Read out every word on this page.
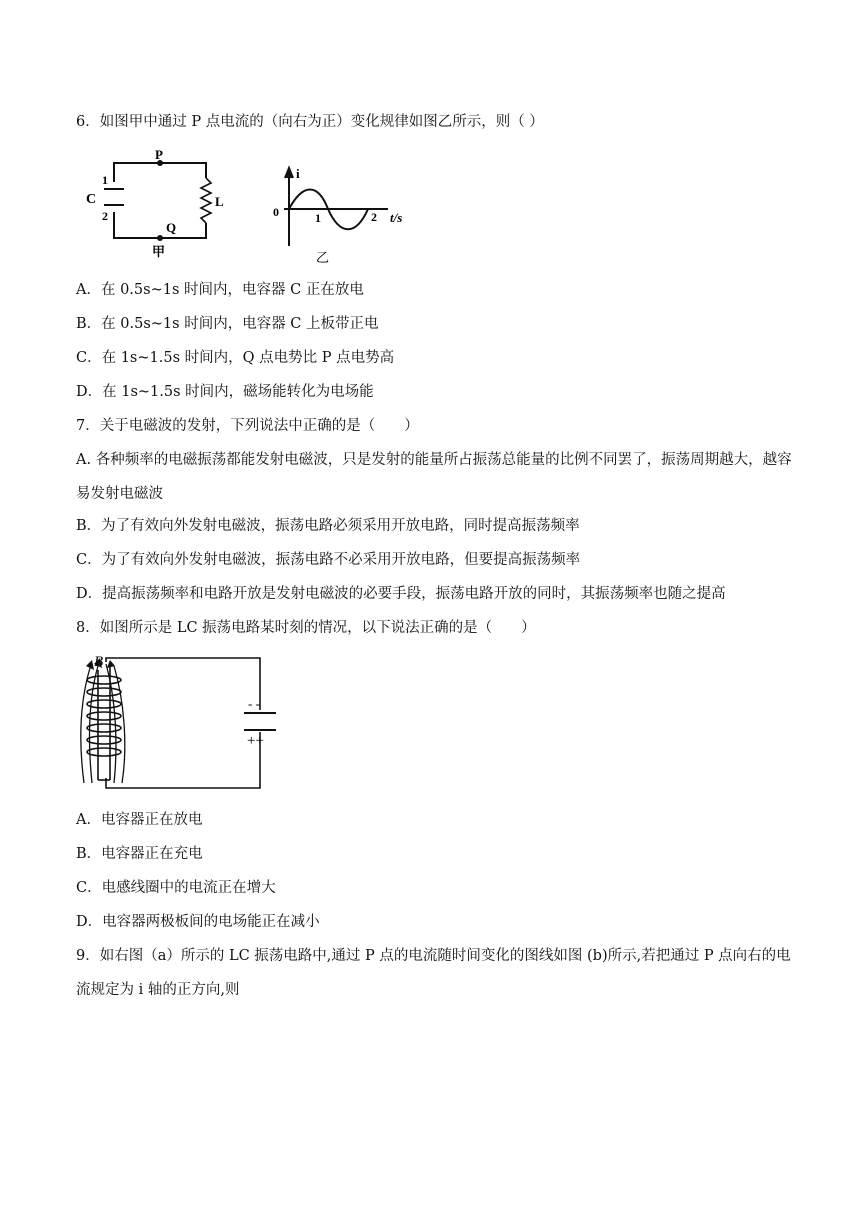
6．如图甲中通过 P 点电流的（向右为正）变化规律如图乙所示，则（ ）
P
Q
C
1
2
L
甲
i
0	1	2 t/s
乙
A．在 0.5s~1s 时间内，电容器 C 正在放电
B．在 0.5s~1s 时间内，电容器 C 上板带正电
C．在 1s~1.5s 时间内，Q 点电势比 P 点电势高
D．在 1s~1.5s 时间内，磁场能转化为电场能
7．关于电磁波的发射，下列说法中正确的是（　　）
A. 各种频率的电磁振荡都能发射电磁波，只是发射的能量所占振荡总能量的比例不同罢了，振荡周期越大，越容易发射电磁波
B．为了有效向外发射电磁波，振荡电路必须采用开放电路，同时提高振荡频率
C．为了有效向外发射电磁波，振荡电路不必采用开放电路，但要提高振荡频率
D．提高振荡频率和电路开放是发射电磁波的必要手段，振荡电路开放的同时，其振荡频率也随之提高
8．如图所示是 LC 振荡电路某时刻的情况，以下说法正确的是（　　）
B
- -
++
A．电容器正在放电
B．电容器正在充电
C．电感线圈中的电流正在增大
D．电容器两极板间的电场能正在减小
9．如右图（a）所示的 LC 振荡电路中,通过 P 点的电流随时间变化的图线如图 (b)所示,若把通过 P 点向右的电流规定为 i 轴的正方向,则
